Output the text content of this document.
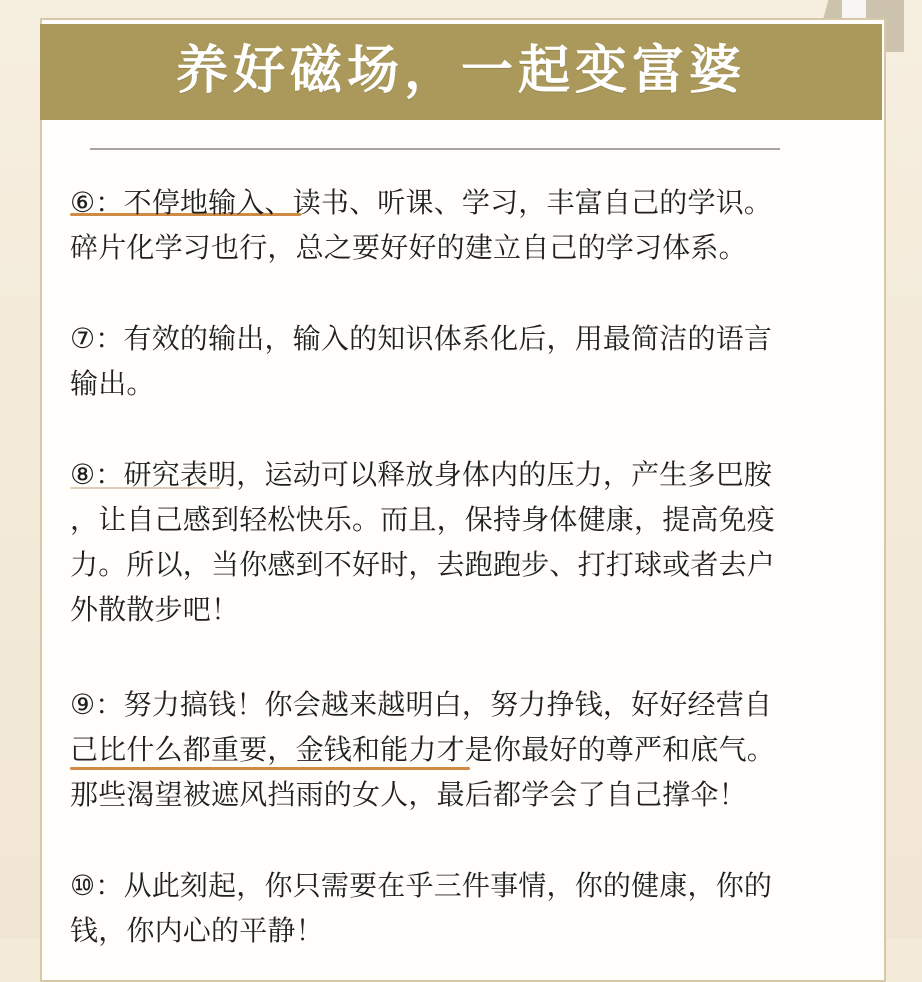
养好磁场，一起变富婆

⑥：不停地输入、读书、听课、学习，丰富自己的学识。
碎片化学习也行，总之要好好的建立自己的学习体系。

⑦：有效的输出，输入的知识体系化后，用最简洁的语言
输出。

⑧：研究表明，运动可以释放身体内的压力，产生多巴胺
，让自己感到轻松快乐。而且，保持身体健康，提高免疫
力。所以，当你感到不好时，去跑跑步、打打球或者去户
外散散步吧！

⑨：努力搞钱！你会越来越明白，努力挣钱，好好经营自
己比什么都重要，金钱和能力才是你最好的尊严和底气。
那些渴望被遮风挡雨的女人，最后都学会了自己撑伞！

⑩：从此刻起，你只需要在乎三件事情，你的健康，你的
钱，你内心的平静！
